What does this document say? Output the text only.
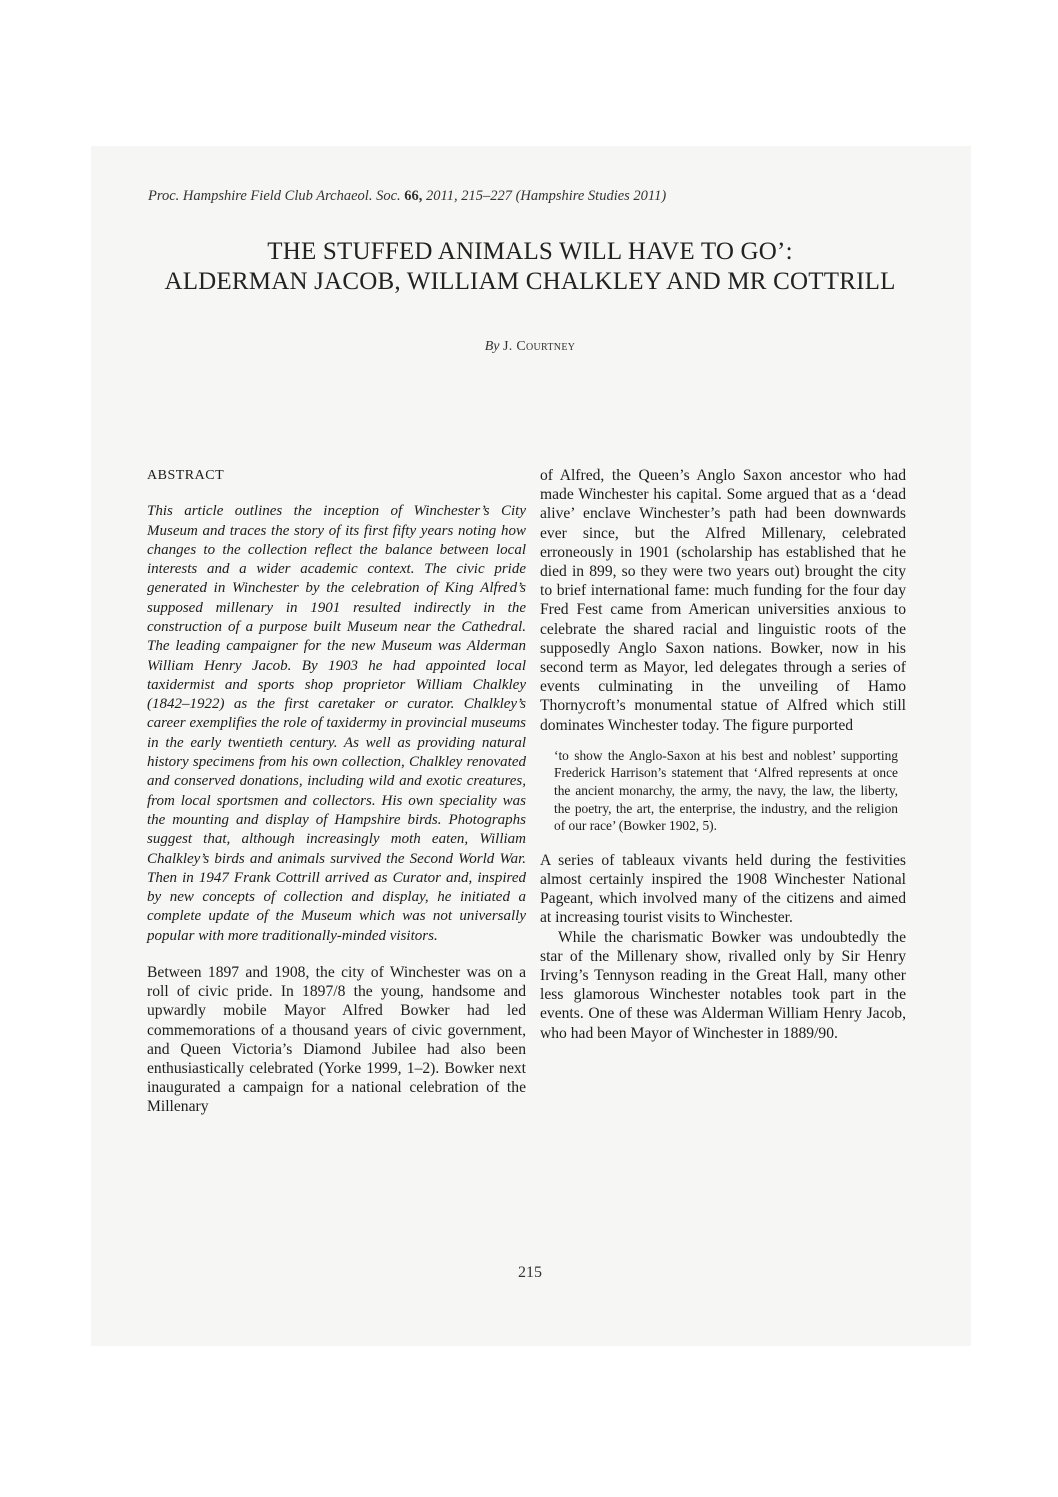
Proc. Hampshire Field Club Archaeol. Soc. 66, 2011, 215–227 (Hampshire Studies 2011)
THE STUFFED ANIMALS WILL HAVE TO GO’:
ALDERMAN JACOB, WILLIAM CHALKLEY AND MR COTTRILL
By J. Courtney
ABSTRACT

This article outlines the inception of Winchester’s City Museum and traces the story of its first fifty years noting how changes to the collection reflect the balance between local interests and a wider academic context. The civic pride generated in Winchester by the celebration of King Alfred’s supposed millenary in 1901 resulted indirectly in the construction of a purpose built Museum near the Cathedral. The leading campaigner for the new Museum was Alderman William Henry Jacob. By 1903 he had appointed local taxidermist and sports shop proprietor William Chalkley (1842–1922) as the first caretaker or curator. Chalkley’s career exemplifies the role of taxidermy in provincial museums in the early twentieth century. As well as providing natural history specimens from his own collection, Chalkley renovated and conserved donations, including wild and exotic creatures, from local sportsmen and collectors. His own speciality was the mounting and display of Hampshire birds. Photographs suggest that, although increasingly moth eaten, William Chalkley’s birds and animals survived the Second World War. Then in 1947 Frank Cottrill arrived as Curator and, inspired by new concepts of collection and display, he initiated a complete update of the Museum which was not universally popular with more traditionally-minded visitors.

Between 1897 and 1908, the city of Winchester was on a roll of civic pride. In 1897/8 the young, handsome and upwardly mobile Mayor Alfred Bowker had led commemorations of a thousand years of civic government, and Queen Victoria’s Diamond Jubilee had also been enthusiastically celebrated (Yorke 1999, 1–2). Bowker next inaugurated a campaign for a national celebration of the Millenary

of Alfred, the Queen’s Anglo Saxon ancestor who had made Winchester his capital. Some argued that as a ‘dead alive’ enclave Winchester’s path had been downwards ever since, but the Alfred Millenary, celebrated erroneously in 1901 (scholarship has established that he died in 899, so they were two years out) brought the city to brief international fame: much funding for the four day Fred Fest came from American universities anxious to celebrate the shared racial and linguistic roots of the supposedly Anglo Saxon nations. Bowker, now in his second term as Mayor, led delegates through a series of events culminating in the unveiling of Hamo Thornycroft’s monumental statue of Alfred which still dominates Winchester today. The figure purported

‘to show the Anglo-Saxon at his best and noblest’ supporting Frederick Harrison’s statement that ‘Alfred represents at once the ancient monarchy, the army, the navy, the law, the liberty, the poetry, the art, the enterprise, the industry, and the religion of our race’ (Bowker 1902, 5).

A series of tableaux vivants held during the festivities almost certainly inspired the 1908 Winchester National Pageant, which involved many of the citizens and aimed at increasing tourist visits to Winchester.

While the charismatic Bowker was undoubtedly the star of the Millenary show, rivalled only by Sir Henry Irving’s Tennyson reading in the Great Hall, many other less glamorous Winchester notables took part in the events. One of these was Alderman William Henry Jacob, who had been Mayor of Winchester in 1889/90.

215
